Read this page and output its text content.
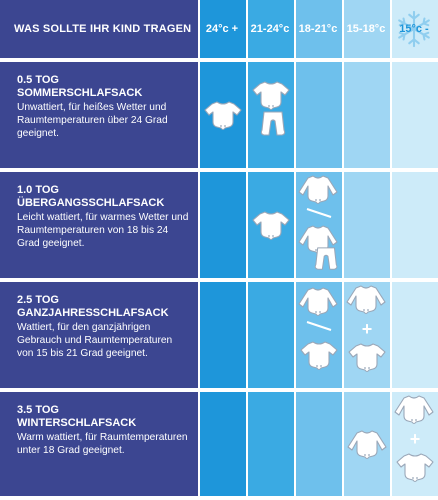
WAS SOLLTE IHR KIND TRAGEN	24°c + 21-24°c 18-21°c 15-18°c 15°c -
0.5 TOG
SOMMERSCHLAFSACK
Unwattiert, für heißes Wetter und Raumtemperaturen über 24 Grad geeignet.
1.0 TOG
ÜBERGANGSSCHLAFSACK
Leicht wattiert, für warmes Wetter und Raumtemperaturen von 18 bis 24 Grad geeignet.
2.5 TOG
GANZJAHRESSCHLAFSACK
Wattiert, für den ganzjährigen Gebrauch und Raumtemperaturen von 15 bis 21 Grad geeignet.
3.5 TOG
WINTERSCHLAFSACK
Warm wattiert, für Raumtemperaturen unter 18 Grad geeignet.
+
+
